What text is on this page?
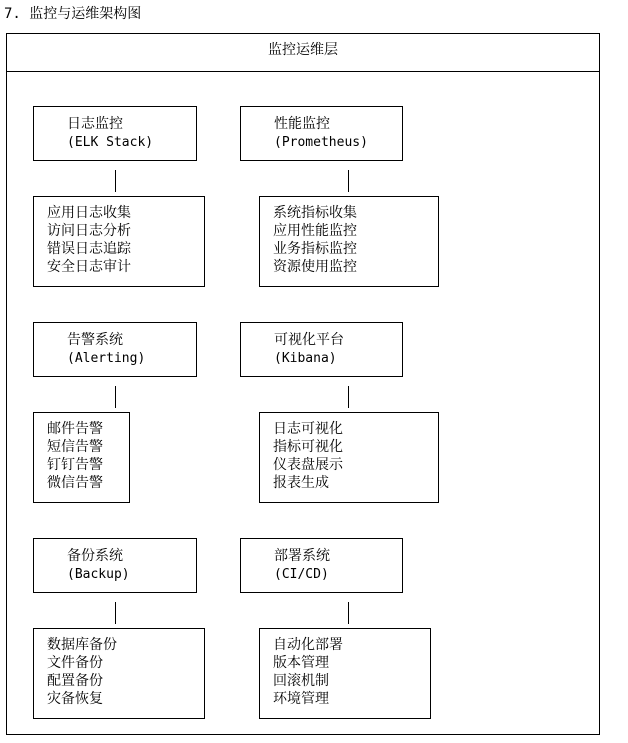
7. 监控与运维架构图
监控运维层
日志监控
(ELK Stack)
应用日志收集
访问日志分析
错误日志追踪
安全日志审计
性能监控
(Prometheus)
系统指标收集
应用性能监控
业务指标监控
资源使用监控
告警系统
(Alerting)
邮件告警
短信告警
钉钉告警
微信告警
可视化平台
(Kibana)
日志可视化
指标可视化
仪表盘展示
报表生成
备份系统
(Backup)
数据库备份
文件备份
配置备份
灾备恢复
部署系统
(CI/CD)
自动化部署
版本管理
回滚机制
环境管理
